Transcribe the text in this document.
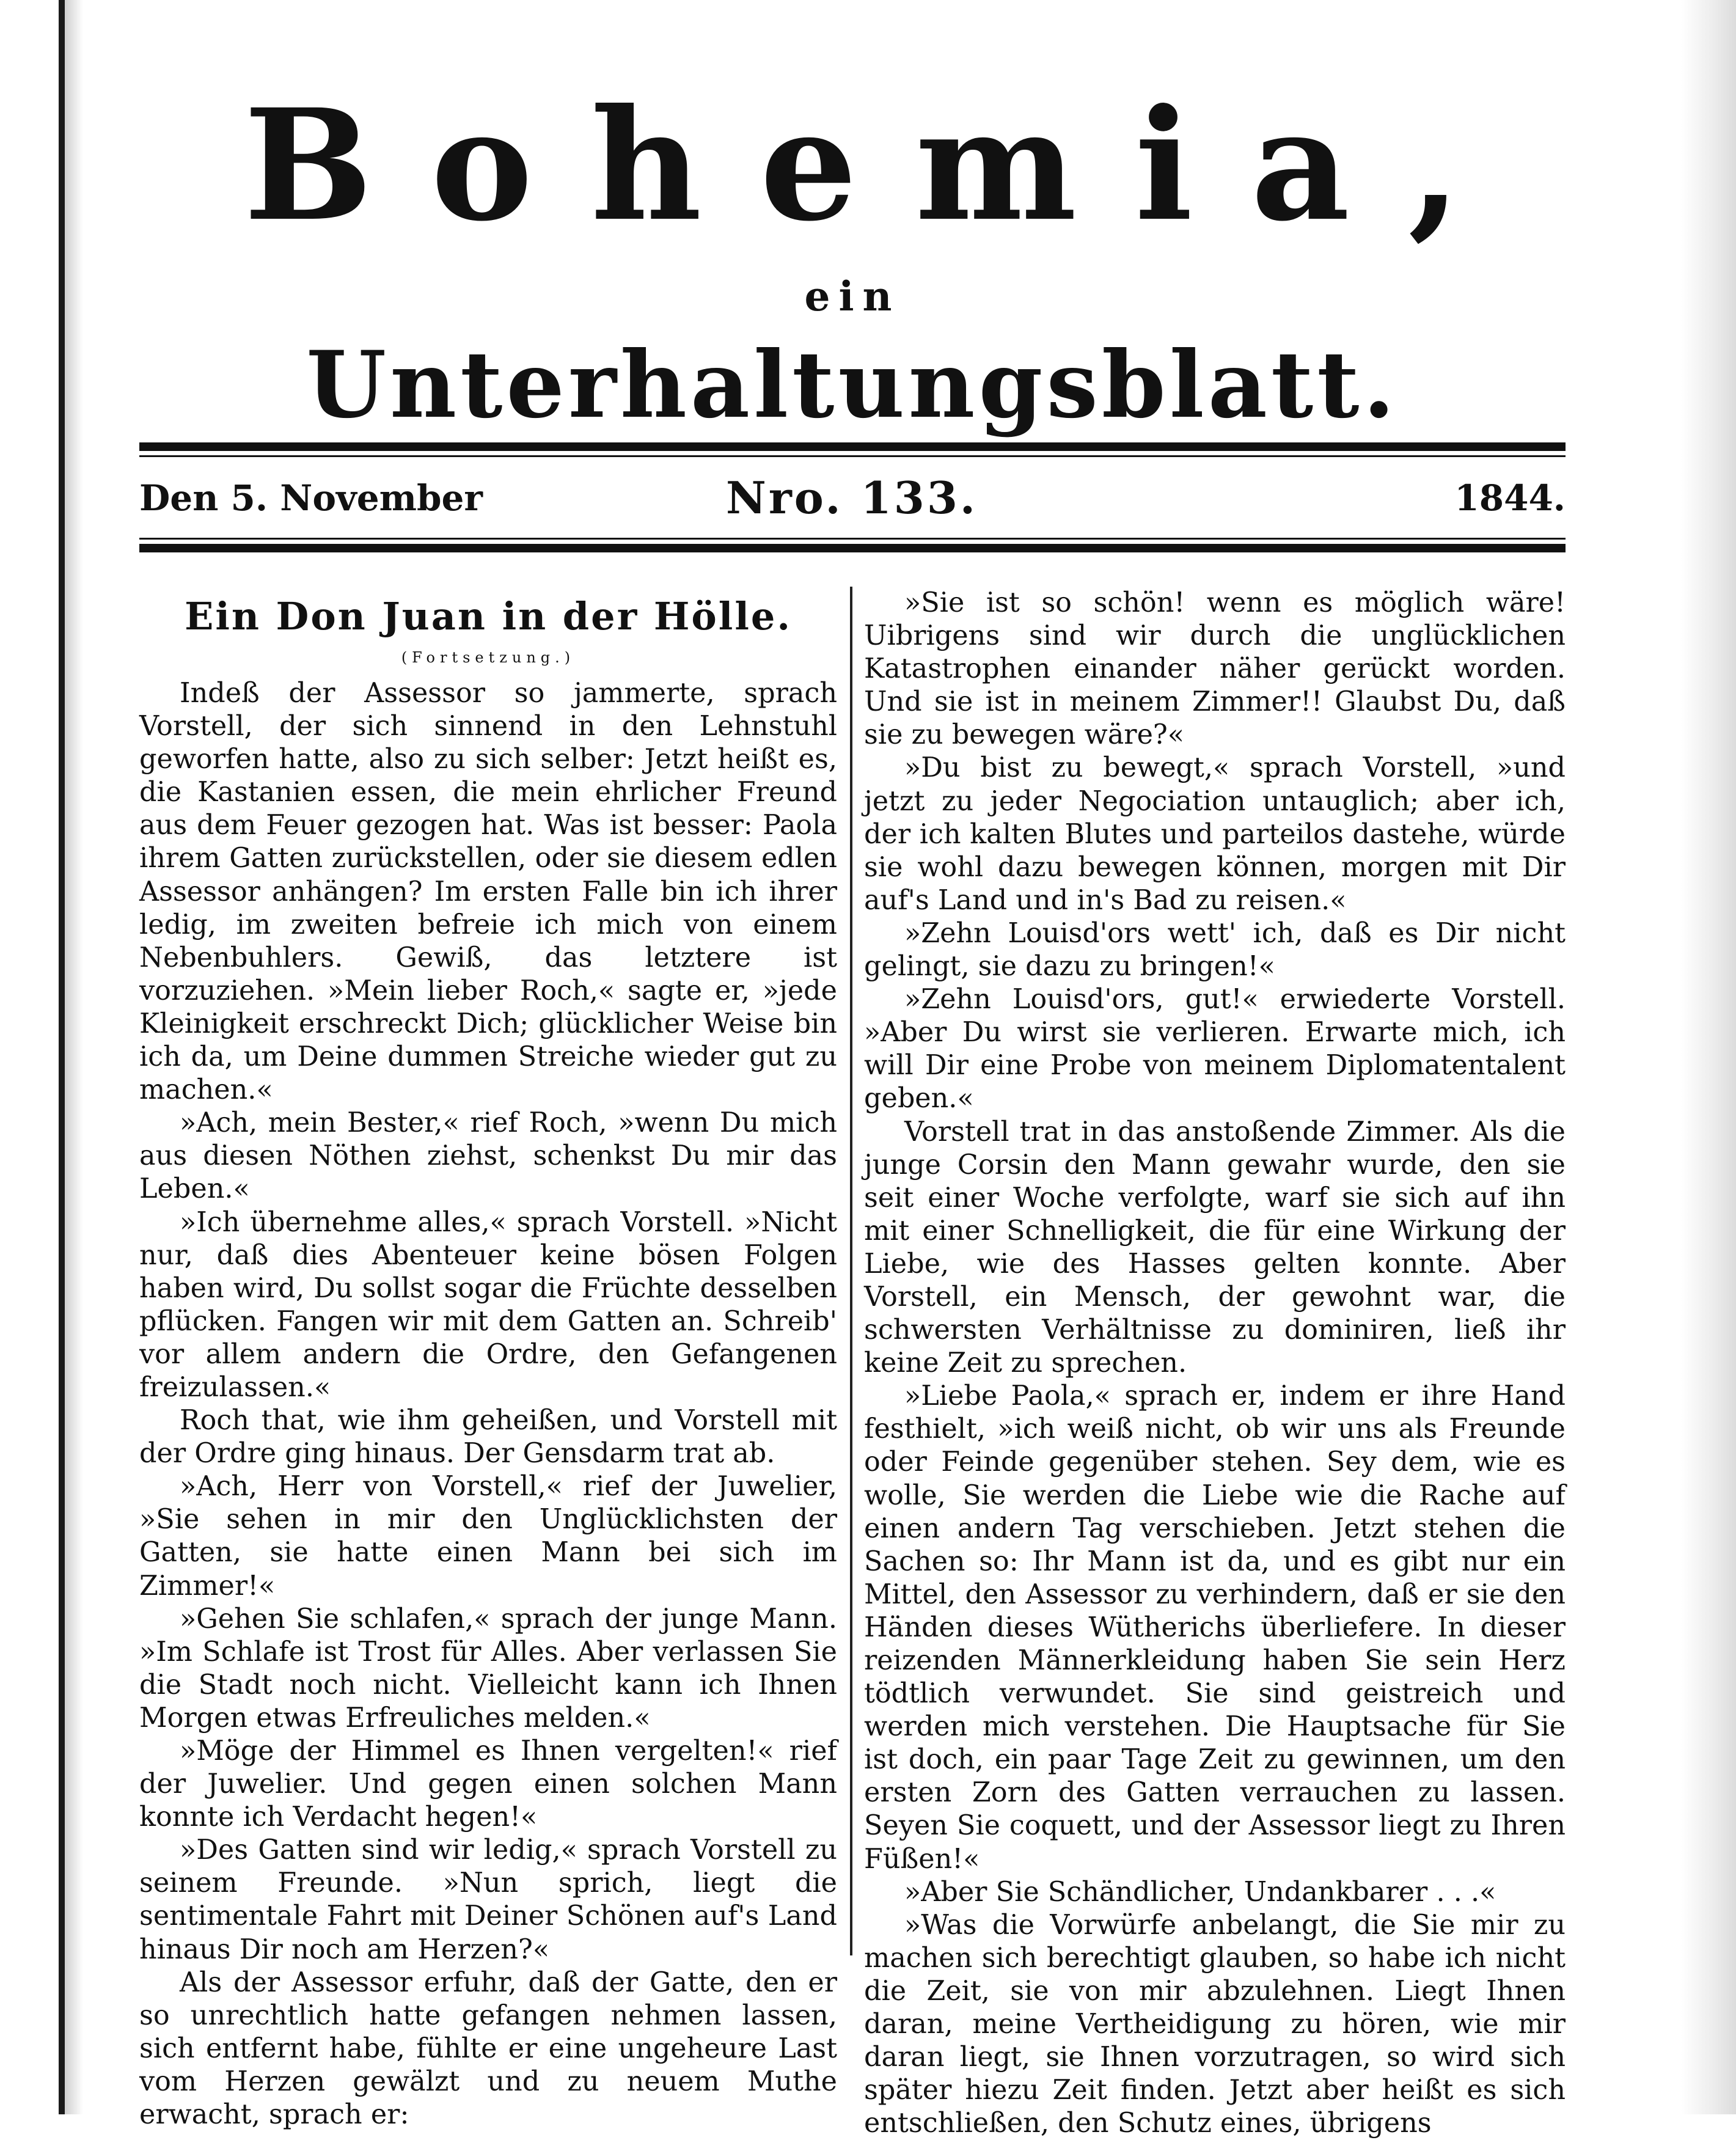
Bohemia,
ein
Unterhaltungsblatt.
Den 5. November	Nro. 133.	1844.
Ein Don Juan in der Hölle.
(Fortsetzung.)

Indeß der Assessor so jammerte, sprach Vorstell, der sich sinnend in den Lehnstuhl geworfen hatte, also zu sich selber: Jetzt heißt es, die Kastanien essen, die mein ehrlicher Freund aus dem Feuer gezogen hat. Was ist besser: Paola ihrem Gatten zurückstellen, oder sie diesem edlen Assessor anhängen? Im ersten Falle bin ich ihrer ledig, im zweiten befreie ich mich von einem Nebenbuhlers. Gewiß, das letztere ist vorzuziehen. »Mein lieber Roch,« sagte er, »jede Kleinigkeit erschreckt Dich; glücklicher Weise bin ich da, um Deine dummen Streiche wieder gut zu machen.«

»Ach, mein Bester,« rief Roch, »wenn Du mich aus diesen Nöthen ziehst, schenkst Du mir das Leben.«

»Ich übernehme alles,« sprach Vorstell. »Nicht nur, daß dies Abenteuer keine bösen Folgen haben wird, Du sollst sogar die Früchte desselben pflücken. Fangen wir mit dem Gatten an. Schreib' vor allem andern die Ordre, den Gefangenen freizulassen.«

Roch that, wie ihm geheißen, und Vorstell mit der Ordre ging hinaus. Der Gensdarm trat ab.

»Ach, Herr von Vorstell,« rief der Juwelier, »Sie sehen in mir den Unglücklichsten der Gatten, sie hatte einen Mann bei sich im Zimmer!«

»Gehen Sie schlafen,« sprach der junge Mann. »Im Schlafe ist Trost für Alles. Aber verlassen Sie die Stadt noch nicht. Vielleicht kann ich Ihnen Morgen etwas Erfreuliches melden.«

»Möge der Himmel es Ihnen vergelten!« rief der Juwelier. Und gegen einen solchen Mann konnte ich Verdacht hegen!«

»Des Gatten sind wir ledig,« sprach Vorstell zu seinem Freunde. »Nun sprich, liegt die sentimentale Fahrt mit Deiner Schönen auf's Land hinaus Dir noch am Herzen?«

Als der Assessor erfuhr, daß der Gatte, den er so unrechtlich hatte gefangen nehmen lassen, sich entfernt habe, fühlte er eine ungeheure Last vom Herzen gewälzt und zu neuem Muthe erwacht, sprach er:

»Sie ist so schön! wenn es möglich wäre! Uibrigens sind wir durch die unglücklichen Katastrophen einander näher gerückt worden. Und sie ist in meinem Zimmer!! Glaubst Du, daß sie zu bewegen wäre?«

»Du bist zu bewegt,« sprach Vorstell, »und jetzt zu jeder Negociation untauglich; aber ich, der ich kalten Blutes und parteilos dastehe, würde sie wohl dazu bewegen können, morgen mit Dir auf's Land und in's Bad zu reisen.«

»Zehn Louisd'ors wett' ich, daß es Dir nicht gelingt, sie dazu zu bringen!«

»Zehn Louisd'ors, gut!« erwiederte Vorstell. »Aber Du wirst sie verlieren. Erwarte mich, ich will Dir eine Probe von meinem Diplomatentalent geben.«

Vorstell trat in das anstoßende Zimmer. Als die junge Corsin den Mann gewahr wurde, den sie seit einer Woche verfolgte, warf sie sich auf ihn mit einer Schnelligkeit, die für eine Wirkung der Liebe, wie des Hasses gelten konnte. Aber Vorstell, ein Mensch, der gewohnt war, die schwersten Verhältnisse zu dominiren, ließ ihr keine Zeit zu sprechen.

»Liebe Paola,« sprach er, indem er ihre Hand festhielt, »ich weiß nicht, ob wir uns als Freunde oder Feinde gegenüber stehen. Sey dem, wie es wolle, Sie werden die Liebe wie die Rache auf einen andern Tag verschieben. Jetzt stehen die Sachen so: Ihr Mann ist da, und es gibt nur ein Mittel, den Assessor zu verhindern, daß er sie den Händen dieses Wütherichs überliefere. In dieser reizenden Männerkleidung haben Sie sein Herz tödtlich verwundet. Sie sind geistreich und werden mich verstehen. Die Hauptsache für Sie ist doch, ein paar Tage Zeit zu gewinnen, um den ersten Zorn des Gatten verrauchen zu lassen. Seyen Sie coquett, und der Assessor liegt zu Ihren Füßen!«

»Aber Sie Schändlicher, Undankbarer . . .«

»Was die Vorwürfe anbelangt, die Sie mir zu machen sich berechtigt glauben, so habe ich nicht die Zeit, sie von mir abzulehnen. Liegt Ihnen daran, meine Vertheidigung zu hören, wie mir daran liegt, sie Ihnen vorzutragen, so wird sich später hiezu Zeit finden. Jetzt aber heißt es sich entschließen, den Schutz eines, übrigens
